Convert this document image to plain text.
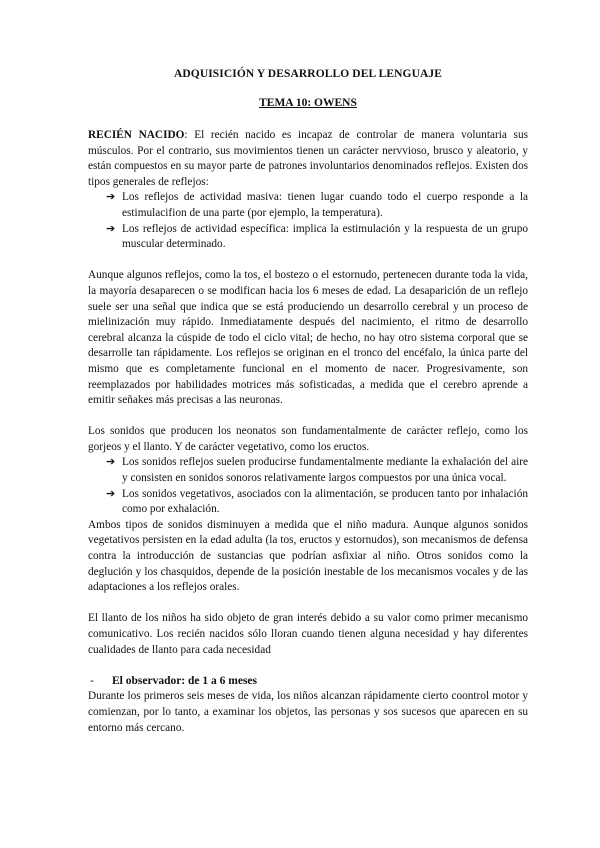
ADQUISICIÓN Y DESARROLLO DEL LENGUAJE
TEMA 10: OWENS

RECIÉN NACIDO: El recién nacido es incapaz de controlar de manera voluntaria sus músculos. Por el contrario, sus movimientos tienen un carácter nervvioso, brusco y aleatorio, y están compuestos en su mayor parte de patrones involuntarios denominados reflejos. Existen dos tipos generales de reflejos:

➔ Los reflejos de actividad masiva: tienen lugar cuando todo el cuerpo responde a la estimulacifion de una parte (por ejemplo, la temperatura).
➔ Los reflejos de actividad específica: implica la estimulación y la respuesta de un grupo muscular determinado.

Aunque algunos reflejos, como la tos, el bostezo o el estornudo, pertenecen durante toda la vida, la mayoría desaparecen o se modifican hacia los 6 meses de edad. La desaparición de un reflejo suele ser una señal que indica que se está produciendo un desarrollo cerebral y un proceso de mielinización muy rápido. Inmediatamente después del nacimiento, el ritmo de desarrollo cerebral alcanza la cúspide de todo el ciclo vital; de hecho, no hay otro sistema corporal que se desarrolle tan rápidamente. Los reflejos se originan en el tronco del encéfalo, la única parte del mismo que es completamente funcional en el momento de nacer. Progresivamente, son reemplazados por habilidades motrices más sofisticadas, a medida que el cerebro aprende a emitir señakes más precisas a las neuronas.

Los sonidos que producen los neonatos son fundamentalmente de carácter reflejo, como los gorjeos y el llanto. Y de carácter vegetativo, como los eructos.

➔ Los sonidos reflejos suelen producirse fundamentalmente mediante la exhalación del aire y consisten en sonidos sonoros relativamente largos compuestos por una única vocal.
➔ Los sonidos vegetativos, asociados con la alimentación, se producen tanto por inhalación como por exhalación.

Ambos tipos de sonidos disminuyen a medida que el niño madura. Aunque algunos sonidos vegetativos persisten en la edad adulta (la tos, eructos y estornudos), son mecanismos de defensa contra la introducción de sustancias que podrían asfixiar al niño. Otros sonidos como la deglución y los chasquidos, depende de la posición inestable de los mecanismos vocales y de las adaptaciones a los reflejos orales.

El llanto de los niños ha sido objeto de gran interés debido a su valor como primer mecanismo comunicativo. Los recién nacidos sólo lloran cuando tienen alguna necesidad y hay diferentes cualidades de llanto para cada necesidad

- El observador: de 1 a 6 meses

Durante los primeros seis meses de vida, los niños alcanzan rápidamente cierto coontrol motor y comienzan, por lo tanto, a examinar los objetos, las personas y sos sucesos que aparecen en su entorno más cercano.
